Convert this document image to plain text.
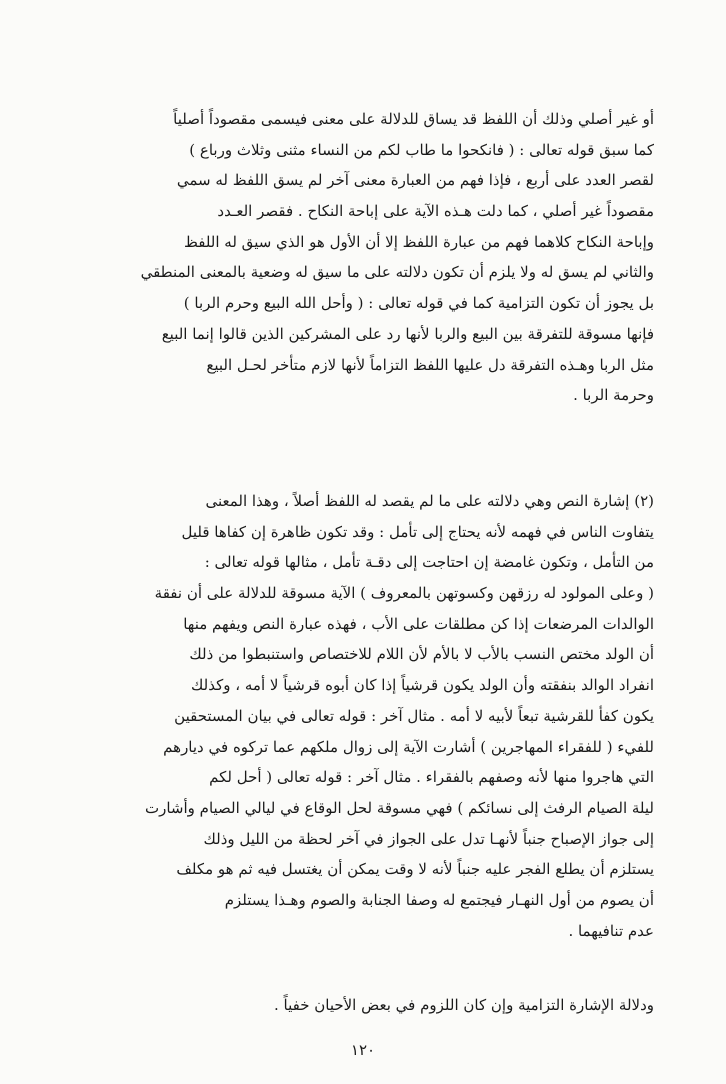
أو غير أصلي وذلك أن اللفظ قد يساق للدلالة على معنى فيسمى مقصوداً أصلياً
كما سبق قوله تعالى : ( فانكحوا ما طاب لكم من النساء مثنى وثلاث ورباع )
لقصر العدد على أربع ، فإذا فهم من العبارة معنى آخر لم يسق اللفظ له سمي
مقصوداً غير أصلي ، كما دلت هـذه الآية على إباحة النكاح . فقصر العـدد
وإباحة النكاح كلاهما فهم من عبارة اللفظ إلا أن الأول هو الذي سيق له اللفظ
والثاني لم يسق له ولا يلزم أن تكون دلالته على ما سيق له وضعية بالمعنى المنطقي
بل يجوز أن تكون التزامية كما في قوله تعالى : ( وأحل الله البيع وحرم الربا )
فإنها مسوقة للتفرقة بين البيع والربا لأنها رد على المشركين الذين قالوا إنما البيع
مثل الربا وهـذه التفرقة دل عليها اللفظ التزاماً لأنها لازم متأخر لحـل البيع
وحرمة الربا .
(٢) إشارة النص وهي دلالته على ما لم يقصد له اللفظ أصلاً ، وهذا المعنى
يتفاوت الناس في فهمه لأنه يحتاج إلى تأمل : وقد تكون ظاهرة إن كفاها قليل
من التأمل ، وتكون غامضة إن احتاجت إلى دقـة تأمل ، مثالها قوله تعالى :
( وعلى المولود له رزقهن وكسوتهن بالمعروف ) الآية مسوقة للدلالة على أن نفقة
الوالدات المرضعات إذا كن مطلقات على الأب ، فهذه عبارة النص ويفهم منها
أن الولد مختص النسب بالأب لا بالأم لأن اللام للاختصاص واستنبطوا من ذلك
انفراد الوالد بنفقته وأن الولد يكون قرشياً إذا كان أبوه قرشياً لا أمه ، وكذلك
يكون كفأ للقرشية تبعاً لأبيه لا أمه . مثال آخر : قوله تعالى في بيان المستحقين
للفيء ( للفقراء المهاجرين ) أشارت الآية إلى زوال ملكهم عما تركوه في ديارهم
التي هاجروا منها لأنه وصفهم بالفقراء . مثال آخر : قوله تعالى ( أحل لكم
ليلة الصيام الرفث إلى نسائكم ) فهي مسوقة لحل الوقاع في ليالي الصيام وأشارت
إلى جواز الإصباح جنباً لأنهـا تدل على الجواز في آخر لحظة من الليل وذلك
يستلزم أن يطلع الفجر عليه جنباً لأنه لا وقت يمكن أن يغتسل فيه ثم هو مكلف
أن يصوم من أول النهـار فيجتمع له وصفا الجنابة والصوم وهـذا يستلزم
عدم تنافيهما .
ودلالة الإشارة التزامية وإن كان اللزوم في بعض الأحيان خفياً .
١٢٠
